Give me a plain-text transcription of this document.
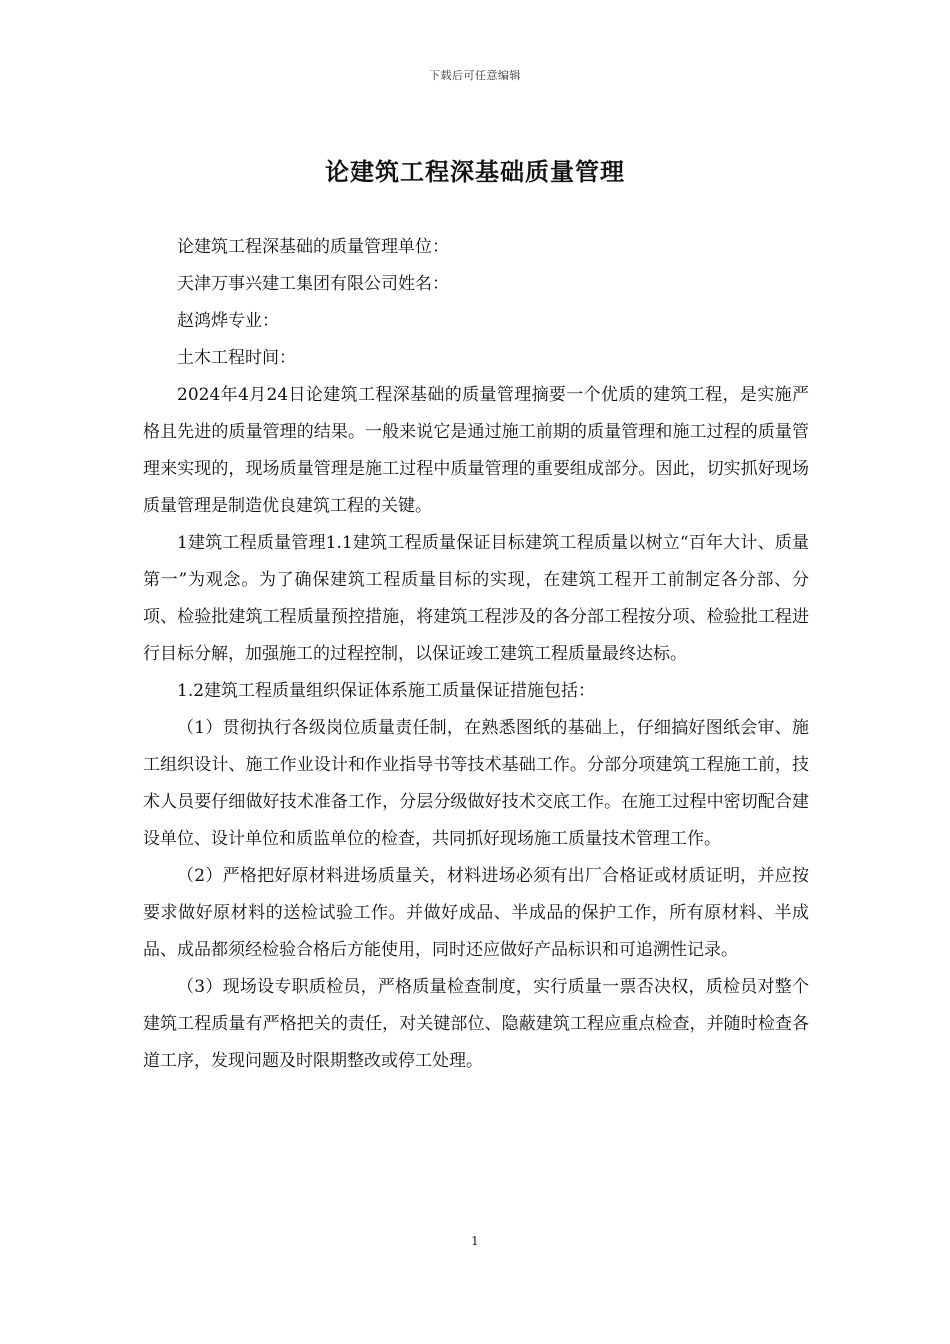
下载后可任意编辑
论建筑工程深基础质量管理

论建筑工程深基础的质量管理单位：

天津万事兴建工集团有限公司姓名：

赵鸿烨专业：

土木工程时间：

2024年4月24日论建筑工程深基础的质量管理摘要一个优质的建筑工程，是实施严格且先进的质量管理的结果。一般来说它是通过施工前期的质量管理和施工过程的质量管理来实现的，现场质量管理是施工过程中质量管理的重要组成部分。因此，切实抓好现场质量管理是制造优良建筑工程的关键。

1建筑工程质量管理1.1建筑工程质量保证目标建筑工程质量以树立“百年大计、质量第一”为观念。为了确保建筑工程质量目标的实现，在建筑工程开工前制定各分部、分项、检验批建筑工程质量预控措施，将建筑工程涉及的各分部工程按分项、检验批工程进行目标分解，加强施工的过程控制，以保证竣工建筑工程质量最终达标。

1.2建筑工程质量组织保证体系施工质量保证措施包括：

（1）贯彻执行各级岗位质量责任制，在熟悉图纸的基础上，仔细搞好图纸会审、施工组织设计、施工作业设计和作业指导书等技术基础工作。分部分项建筑工程施工前，技术人员要仔细做好技术准备工作，分层分级做好技术交底工作。在施工过程中密切配合建设单位、设计单位和质监单位的检查，共同抓好现场施工质量技术管理工作。

（2）严格把好原材料进场质量关，材料进场必须有出厂合格证或材质证明，并应按要求做好原材料的送检试验工作。并做好成品、半成品的保护工作，所有原材料、半成品、成品都须经检验合格后方能使用，同时还应做好产品标识和可追溯性记录。

（3）现场设专职质检员，严格质量检查制度，实行质量一票否决权，质检员对整个建筑工程质量有严格把关的责任，对关键部位、隐蔽建筑工程应重点检查，并随时检查各道工序，发现问题及时限期整改或停工处理。

1
